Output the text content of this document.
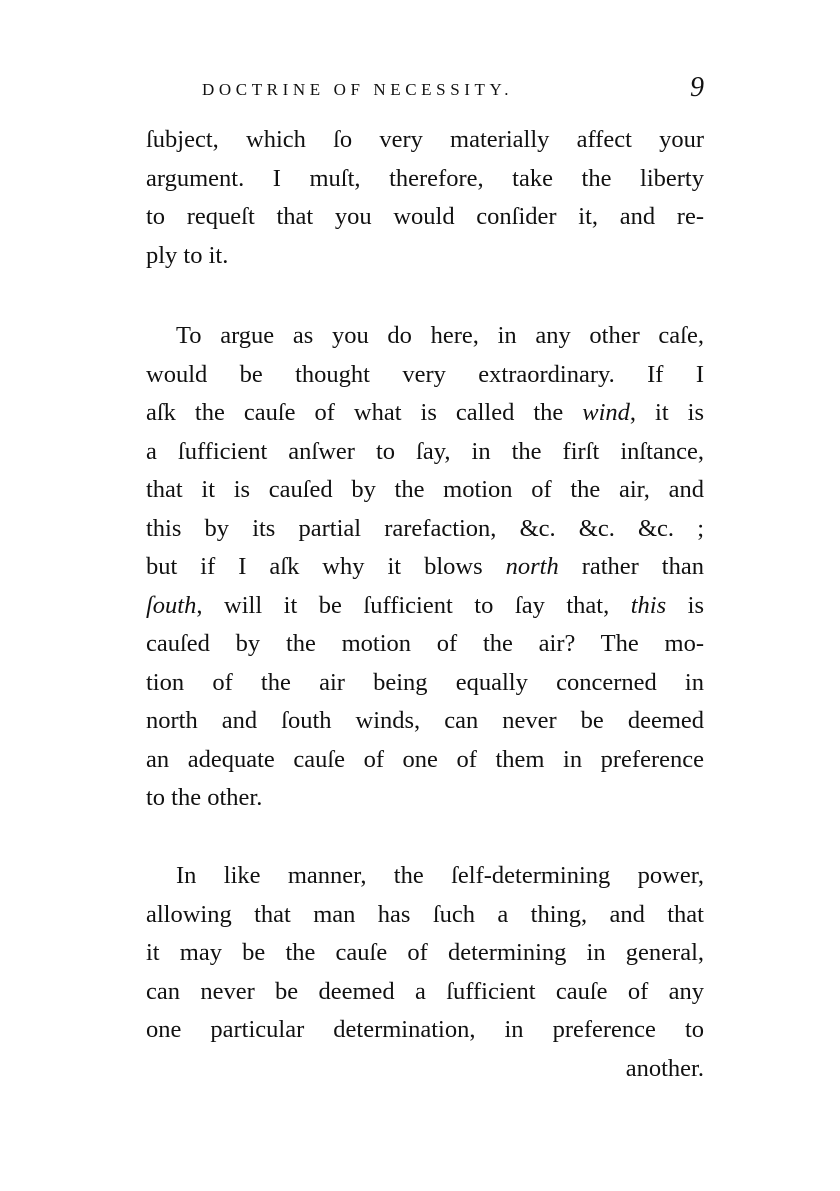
DOCTRINE OF NECESSITY.	9
ſubject, which ſo very materially affect your
argument. I muſt, therefore, take the liberty
to requeſt that you would conſider it, and re-
ply to it.
To argue as you do here, in any other caſe,
would be thought very extraordinary. If I
aſk the cauſe of what is called the wind, it is
a ſufficient anſwer to ſay, in the firſt inſtance,
that it is cauſed by the motion of the air, and
this by its partial rarefaction, &c. &c. &c. ;
but if I aſk why it blows north rather than
ſouth, will it be ſufficient to ſay that, this is
cauſed by the motion of the air? The mo-
tion of the air being equally concerned in
north and ſouth winds, can never be deemed
an adequate cauſe of one of them in preference
to the other.
In like manner, the ſelf-determining power,
allowing that man has ſuch a thing, and that
it may be the cauſe of determining in general,
can never be deemed a ſufficient cauſe of any
one particular determination, in preference to
another.
